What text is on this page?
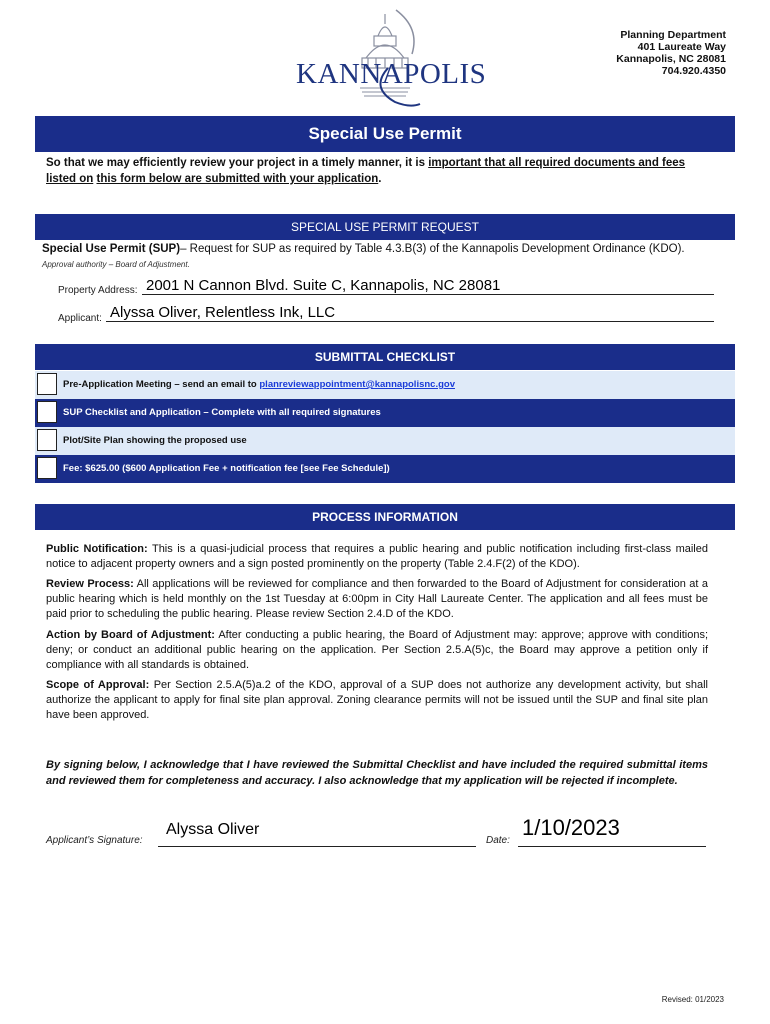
KANNAPOLIS
Planning Department
401 Laureate Way
Kannapolis, NC 28081
704.920.4350
Special Use Permit
So that we may efficiently review your project in a timely manner, it is important that all required documents and fees listed on this form below are submitted with your application.
SPECIAL USE PERMIT REQUEST
Special Use Permit (SUP)– Request for SUP as required by Table 4.3.B(3) of the Kannapolis Development Ordinance (KDO).
Approval authority – Board of Adjustment.
Property Address: 2001 N Cannon Blvd. Suite C, Kannapolis, NC 28081
Applicant: Alyssa Oliver, Relentless Ink, LLC
SUBMITTAL CHECKLIST
Pre-Application Meeting – send an email to planreviewappointment@kannapolisnc.gov
SUP Checklist and Application – Complete with all required signatures
Plot/Site Plan showing the proposed use
Fee: $625.00 ($600 Application Fee + notification fee [see Fee Schedule])
PROCESS INFORMATION
Public Notification: This is a quasi-judicial process that requires a public hearing and public notification including first-class mailed notice to adjacent property owners and a sign posted prominently on the property (Table 2.4.F(2) of the KDO).
Review Process: All applications will be reviewed for compliance and then forwarded to the Board of Adjustment for consideration at a public hearing which is held monthly on the 1st Tuesday at 6:00pm in City Hall Laureate Center. The application and all fees must be paid prior to scheduling the public hearing. Please review Section 2.4.D of the KDO.
Action by Board of Adjustment: After conducting a public hearing, the Board of Adjustment may: approve; approve with conditions; deny; or conduct an additional public hearing on the application. Per Section 2.5.A(5)c, the Board may approve a petition only if compliance with all standards is obtained.
Scope of Approval: Per Section 2.5.A(5)a.2 of the KDO, approval of a SUP does not authorize any development activity, but shall authorize the applicant to apply for final site plan approval. Zoning clearance permits will not be issued until the SUP and final site plan have been approved.
By signing below, I acknowledge that I have reviewed the Submittal Checklist and have included the required submittal items and reviewed them for completeness and accuracy. I also acknowledge that my application will be rejected if incomplete.
Applicant’s Signature:
Alyssa Oliver
Date:
1/10/2023
Revised: 01/2023
